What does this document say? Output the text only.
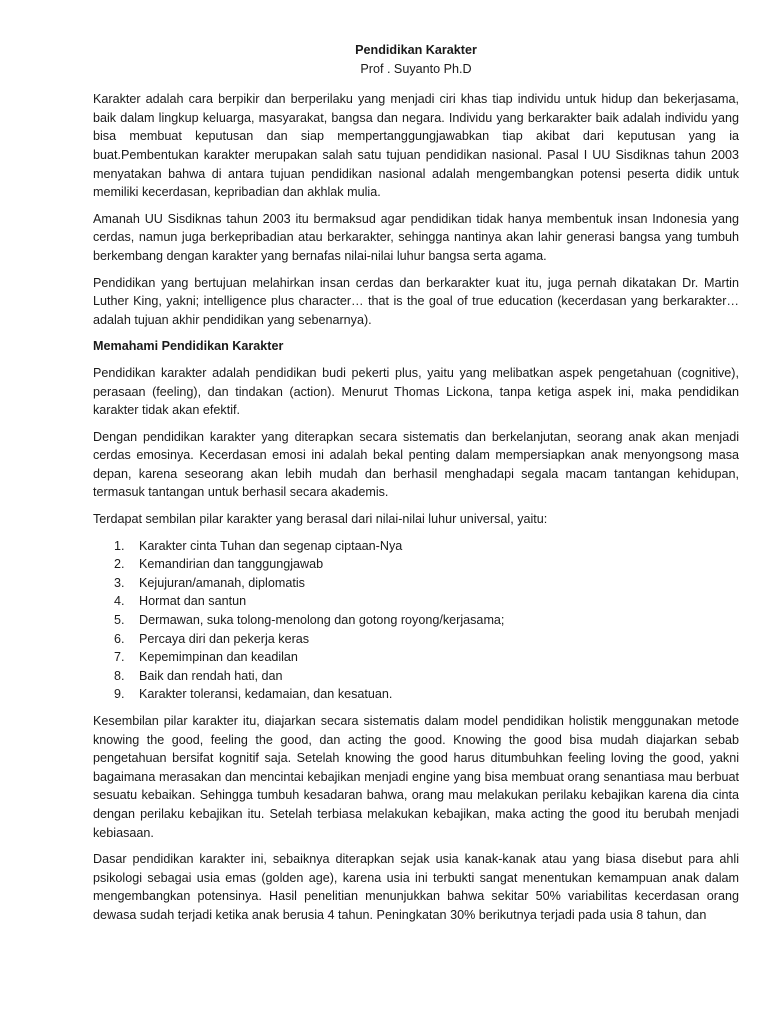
Pendidikan Karakter

Prof . Suyanto Ph.D

Karakter adalah cara berpikir dan berperilaku yang menjadi ciri khas tiap individu untuk hidup dan bekerjasama, baik dalam lingkup keluarga, masyarakat, bangsa dan negara. Individu yang berkarakter baik adalah individu yang bisa membuat keputusan dan siap mempertanggungjawabkan tiap akibat dari keputusan yang ia buat.Pembentukan karakter merupakan salah satu tujuan pendidikan nasional. Pasal I UU Sisdiknas tahun 2003 menyatakan bahwa di antara tujuan pendidikan nasional adalah mengembangkan potensi peserta didik untuk memiliki kecerdasan, kepribadian dan akhlak mulia.

Amanah UU Sisdiknas tahun 2003 itu bermaksud agar pendidikan tidak hanya membentuk insan Indonesia yang cerdas, namun juga berkepribadian atau berkarakter, sehingga nantinya akan lahir generasi bangsa yang tumbuh berkembang dengan karakter yang bernafas nilai-nilai luhur bangsa serta agama.

Pendidikan yang bertujuan melahirkan insan cerdas dan berkarakter kuat itu, juga pernah dikatakan Dr. Martin Luther King, yakni; intelligence plus character… that is the goal of true education (kecerdasan yang berkarakter… adalah tujuan akhir pendidikan yang sebenarnya).

Memahami Pendidikan Karakter

Pendidikan karakter adalah pendidikan budi pekerti plus, yaitu yang melibatkan aspek pengetahuan (cognitive), perasaan (feeling), dan tindakan (action). Menurut Thomas Lickona, tanpa ketiga aspek ini, maka pendidikan karakter tidak akan efektif.

Dengan pendidikan karakter yang diterapkan secara sistematis dan berkelanjutan, seorang anak akan menjadi cerdas emosinya. Kecerdasan emosi ini adalah bekal penting dalam mempersiapkan anak menyongsong masa depan, karena seseorang akan lebih mudah dan berhasil menghadapi segala macam tantangan kehidupan, termasuk tantangan untuk berhasil secara akademis.

Terdapat sembilan pilar karakter yang berasal dari nilai-nilai luhur universal, yaitu:

1. Karakter cinta Tuhan dan segenap ciptaan-Nya
2. Kemandirian dan tanggungjawab
3. Kejujuran/amanah, diplomatis
4. Hormat dan santun
5. Dermawan, suka tolong-menolong dan gotong royong/kerjasama;
6. Percaya diri dan pekerja keras
7. Kepemimpinan dan keadilan
8. Baik dan rendah hati, dan
9. Karakter toleransi, kedamaian, dan kesatuan.

Kesembilan pilar karakter itu, diajarkan secara sistematis dalam model pendidikan holistik menggunakan metode knowing the good, feeling the good, dan acting the good. Knowing the good bisa mudah diajarkan sebab pengetahuan bersifat kognitif saja. Setelah knowing the good harus ditumbuhkan feeling loving the good, yakni bagaimana merasakan dan mencintai kebajikan menjadi engine yang bisa membuat orang senantiasa mau berbuat sesuatu kebaikan. Sehingga tumbuh kesadaran bahwa, orang mau melakukan perilaku kebajikan karena dia cinta dengan perilaku kebajikan itu. Setelah terbiasa melakukan kebajikan, maka acting the good itu berubah menjadi kebiasaan.

Dasar pendidikan karakter ini, sebaiknya diterapkan sejak usia kanak-kanak atau yang biasa disebut para ahli psikologi sebagai usia emas (golden age), karena usia ini terbukti sangat menentukan kemampuan anak dalam mengembangkan potensinya. Hasil penelitian menunjukkan bahwa sekitar 50% variabilitas kecerdasan orang dewasa sudah terjadi ketika anak berusia 4 tahun. Peningkatan 30% berikutnya terjadi pada usia 8 tahun, dan
